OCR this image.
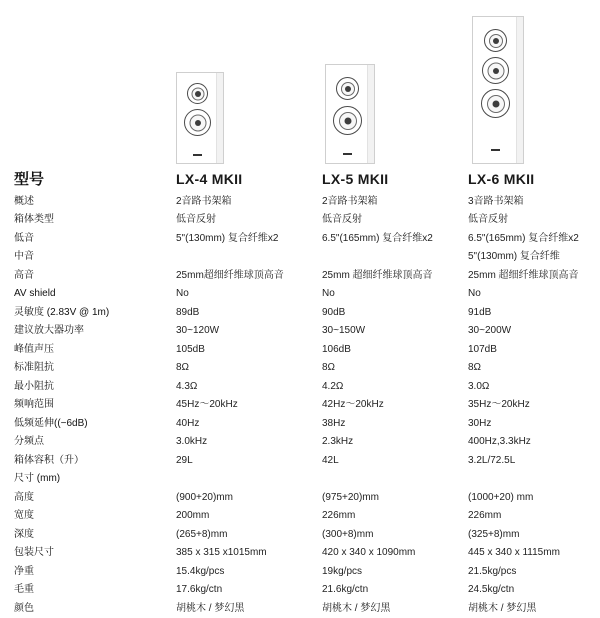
型号	LX-4 MKII	LX-5 MKII	LX-6 MKII
概述	2音路书架箱	2音路书架箱	3音路书架箱
箱体类型	低音反射	低音反射	低音反射
低音	5"(130mm) 复合纤维x2	6.5"(165mm) 复合纤维x2	6.5"(165mm) 复合纤维x2
中音			5"(130mm) 复合纤维
高音	25mm超细纤维球顶高音	25mm 超细纤维球顶高音	25mm 超细纤维球顶高音
AV shield	No	No	No
灵敏度 (2.83V @ 1m)	89dB	90dB	91dB
建议放大器功率	30~120W	30~150W	30~200W
峰值声压	105dB	106dB	107dB
标准阻抗	8Ω	8Ω	8Ω
最小阻抗	4.3Ω	4.2Ω	3.0Ω
频响范围	45Hz～20kHz	42Hz～20kHz	35Hz～20kHz
低频延伸((−6dB)	40Hz	38Hz	30Hz
分频点	3.0kHz	2.3kHz	400Hz,3.3kHz
箱体容积（升）	29L	42L	3.2L/72.5L
尺寸 (mm)			
高度	(900+20)mm	(975+20)mm	(1000+20) mm
宽度	200mm	226mm	226mm
深度	(265+8)mm	(300+8)mm	(325+8)mm
包装尺寸	385 x 315 x1015mm	420 x 340 x 1090mm	445 x 340 x 1115mm
净重	15.4kg/pcs	19kg/pcs	21.5kg/pcs
毛重	17.6kg/ctn	21.6kg/ctn	24.5kg/ctn
颜色	胡桃木 / 梦幻黑	胡桃木 / 梦幻黑	胡桃木 / 梦幻黑
